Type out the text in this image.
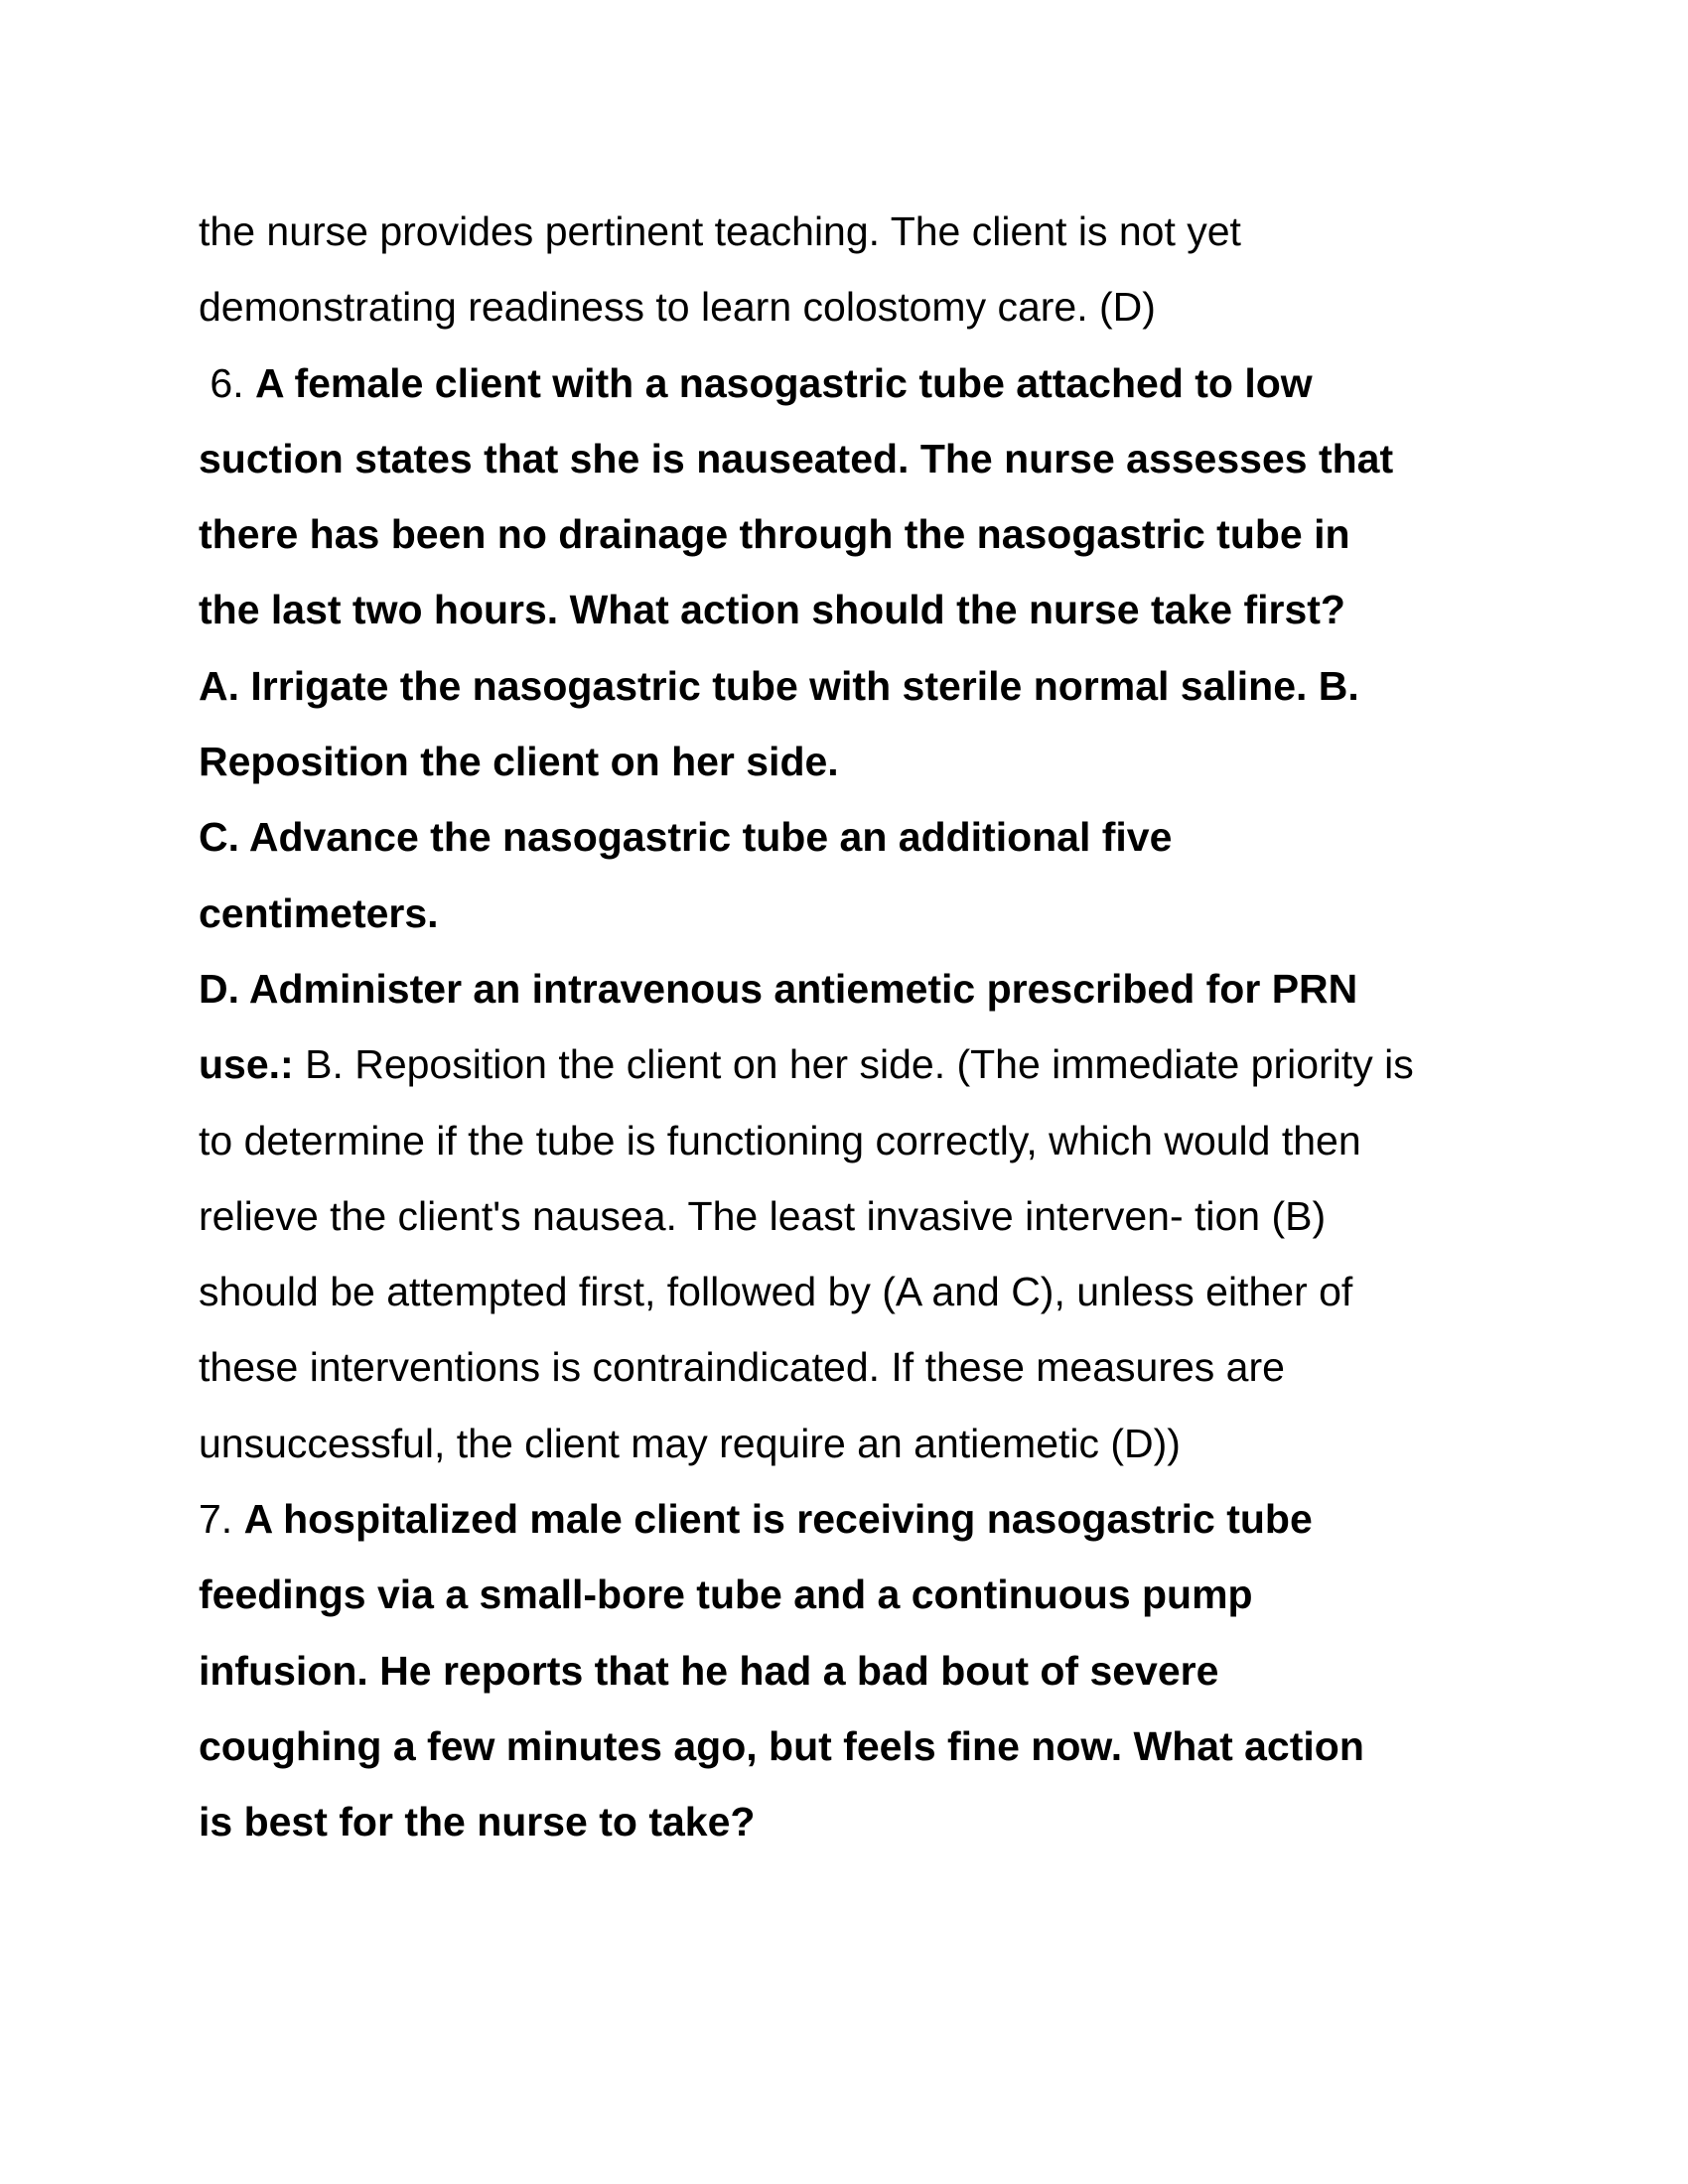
the nurse provides pertinent teaching. The client is not yet
demonstrating readiness to learn colostomy care. (D)
6. A female client with a nasogastric tube attached to low
suction states that she is nauseated. The nurse assesses that
there has been no drainage through the nasogastric tube in
the last two hours. What action should the nurse take first?
A. Irrigate the nasogastric tube with sterile normal saline. B.
Reposition the client on her side.
C. Advance the nasogastric tube an additional five
centimeters.
D. Administer an intravenous antiemetic prescribed for PRN
use.: B. Reposition the client on her side. (The immediate priority is
to determine if the tube is functioning correctly, which would then
relieve the client's nausea. The least invasive interven- tion (B)
should be attempted first, followed by (A and C), unless either of
these interventions is contraindicated. If these measures are
unsuccessful, the client may require an antiemetic (D))
7. A hospitalized male client is receiving nasogastric tube
feedings via a small-bore tube and a continuous pump
infusion. He reports that he had a bad bout of severe
coughing a few minutes ago, but feels fine now. What action
is best for the nurse to take?
